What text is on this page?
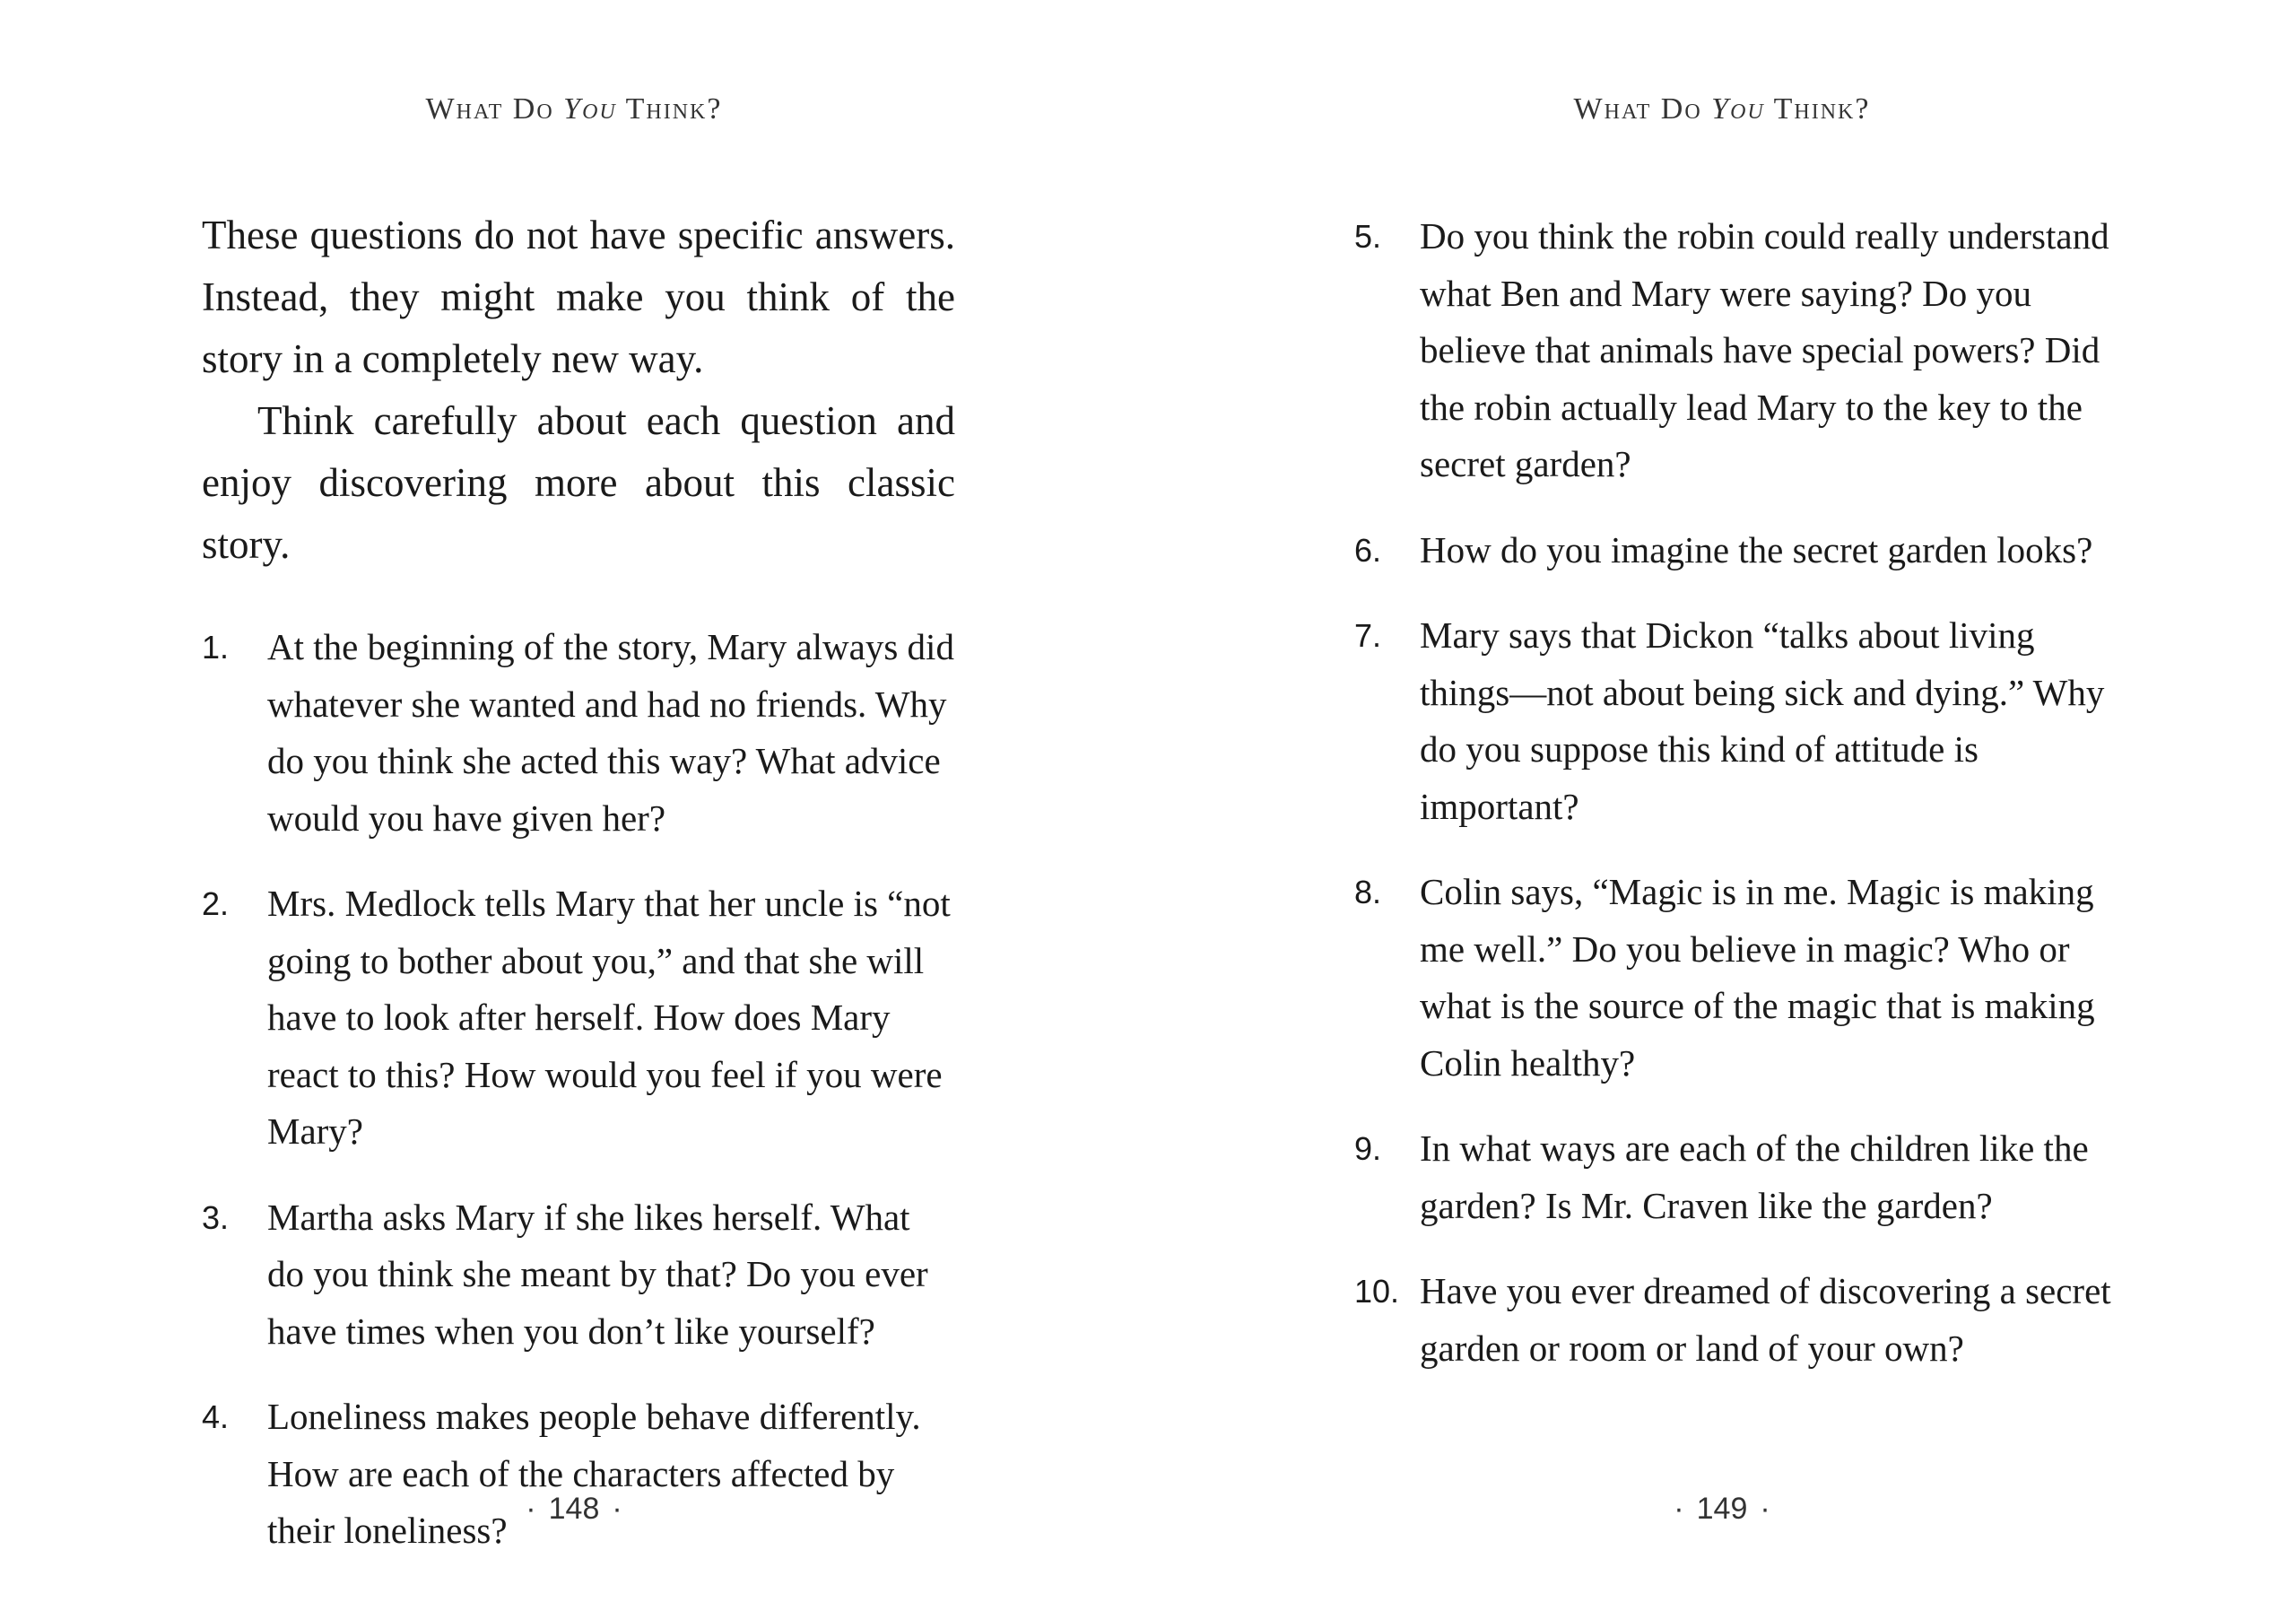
What Do You Think?

These questions do not have specific answers. Instead, they might make you think of the story in a completely new way.

Think carefully about each question and enjoy discovering more about this classic story.

1. At the beginning of the story, Mary always did whatever she wanted and had no friends. Why do you think she acted this way? What advice would you have given her?
2. Mrs. Medlock tells Mary that her uncle is “not going to bother about you,” and that she will have to look after herself. How does Mary react to this? How would you feel if you were Mary?
3. Martha asks Mary if she likes herself. What do you think she meant by that? Do you ever have times when you don’t like yourself?
4. Loneliness makes people behave differently. How are each of the characters affected by their loneliness?
· 148 ·
What Do You Think?
5. Do you think the robin could really understand what Ben and Mary were saying? Do you believe that animals have special powers? Did the robin actually lead Mary to the key to the secret garden?
6. How do you imagine the secret garden looks?
7. Mary says that Dickon “talks about living things—not about being sick and dying.” Why do you suppose this kind of attitude is important?
8. Colin says, “Magic is in me. Magic is making me well.” Do you believe in magic? Who or what is the source of the magic that is making Colin healthy?
9. In what ways are each of the children like the garden? Is Mr. Craven like the garden?
10. Have you ever dreamed of discovering a secret garden or room or land of your own?
· 149 ·
